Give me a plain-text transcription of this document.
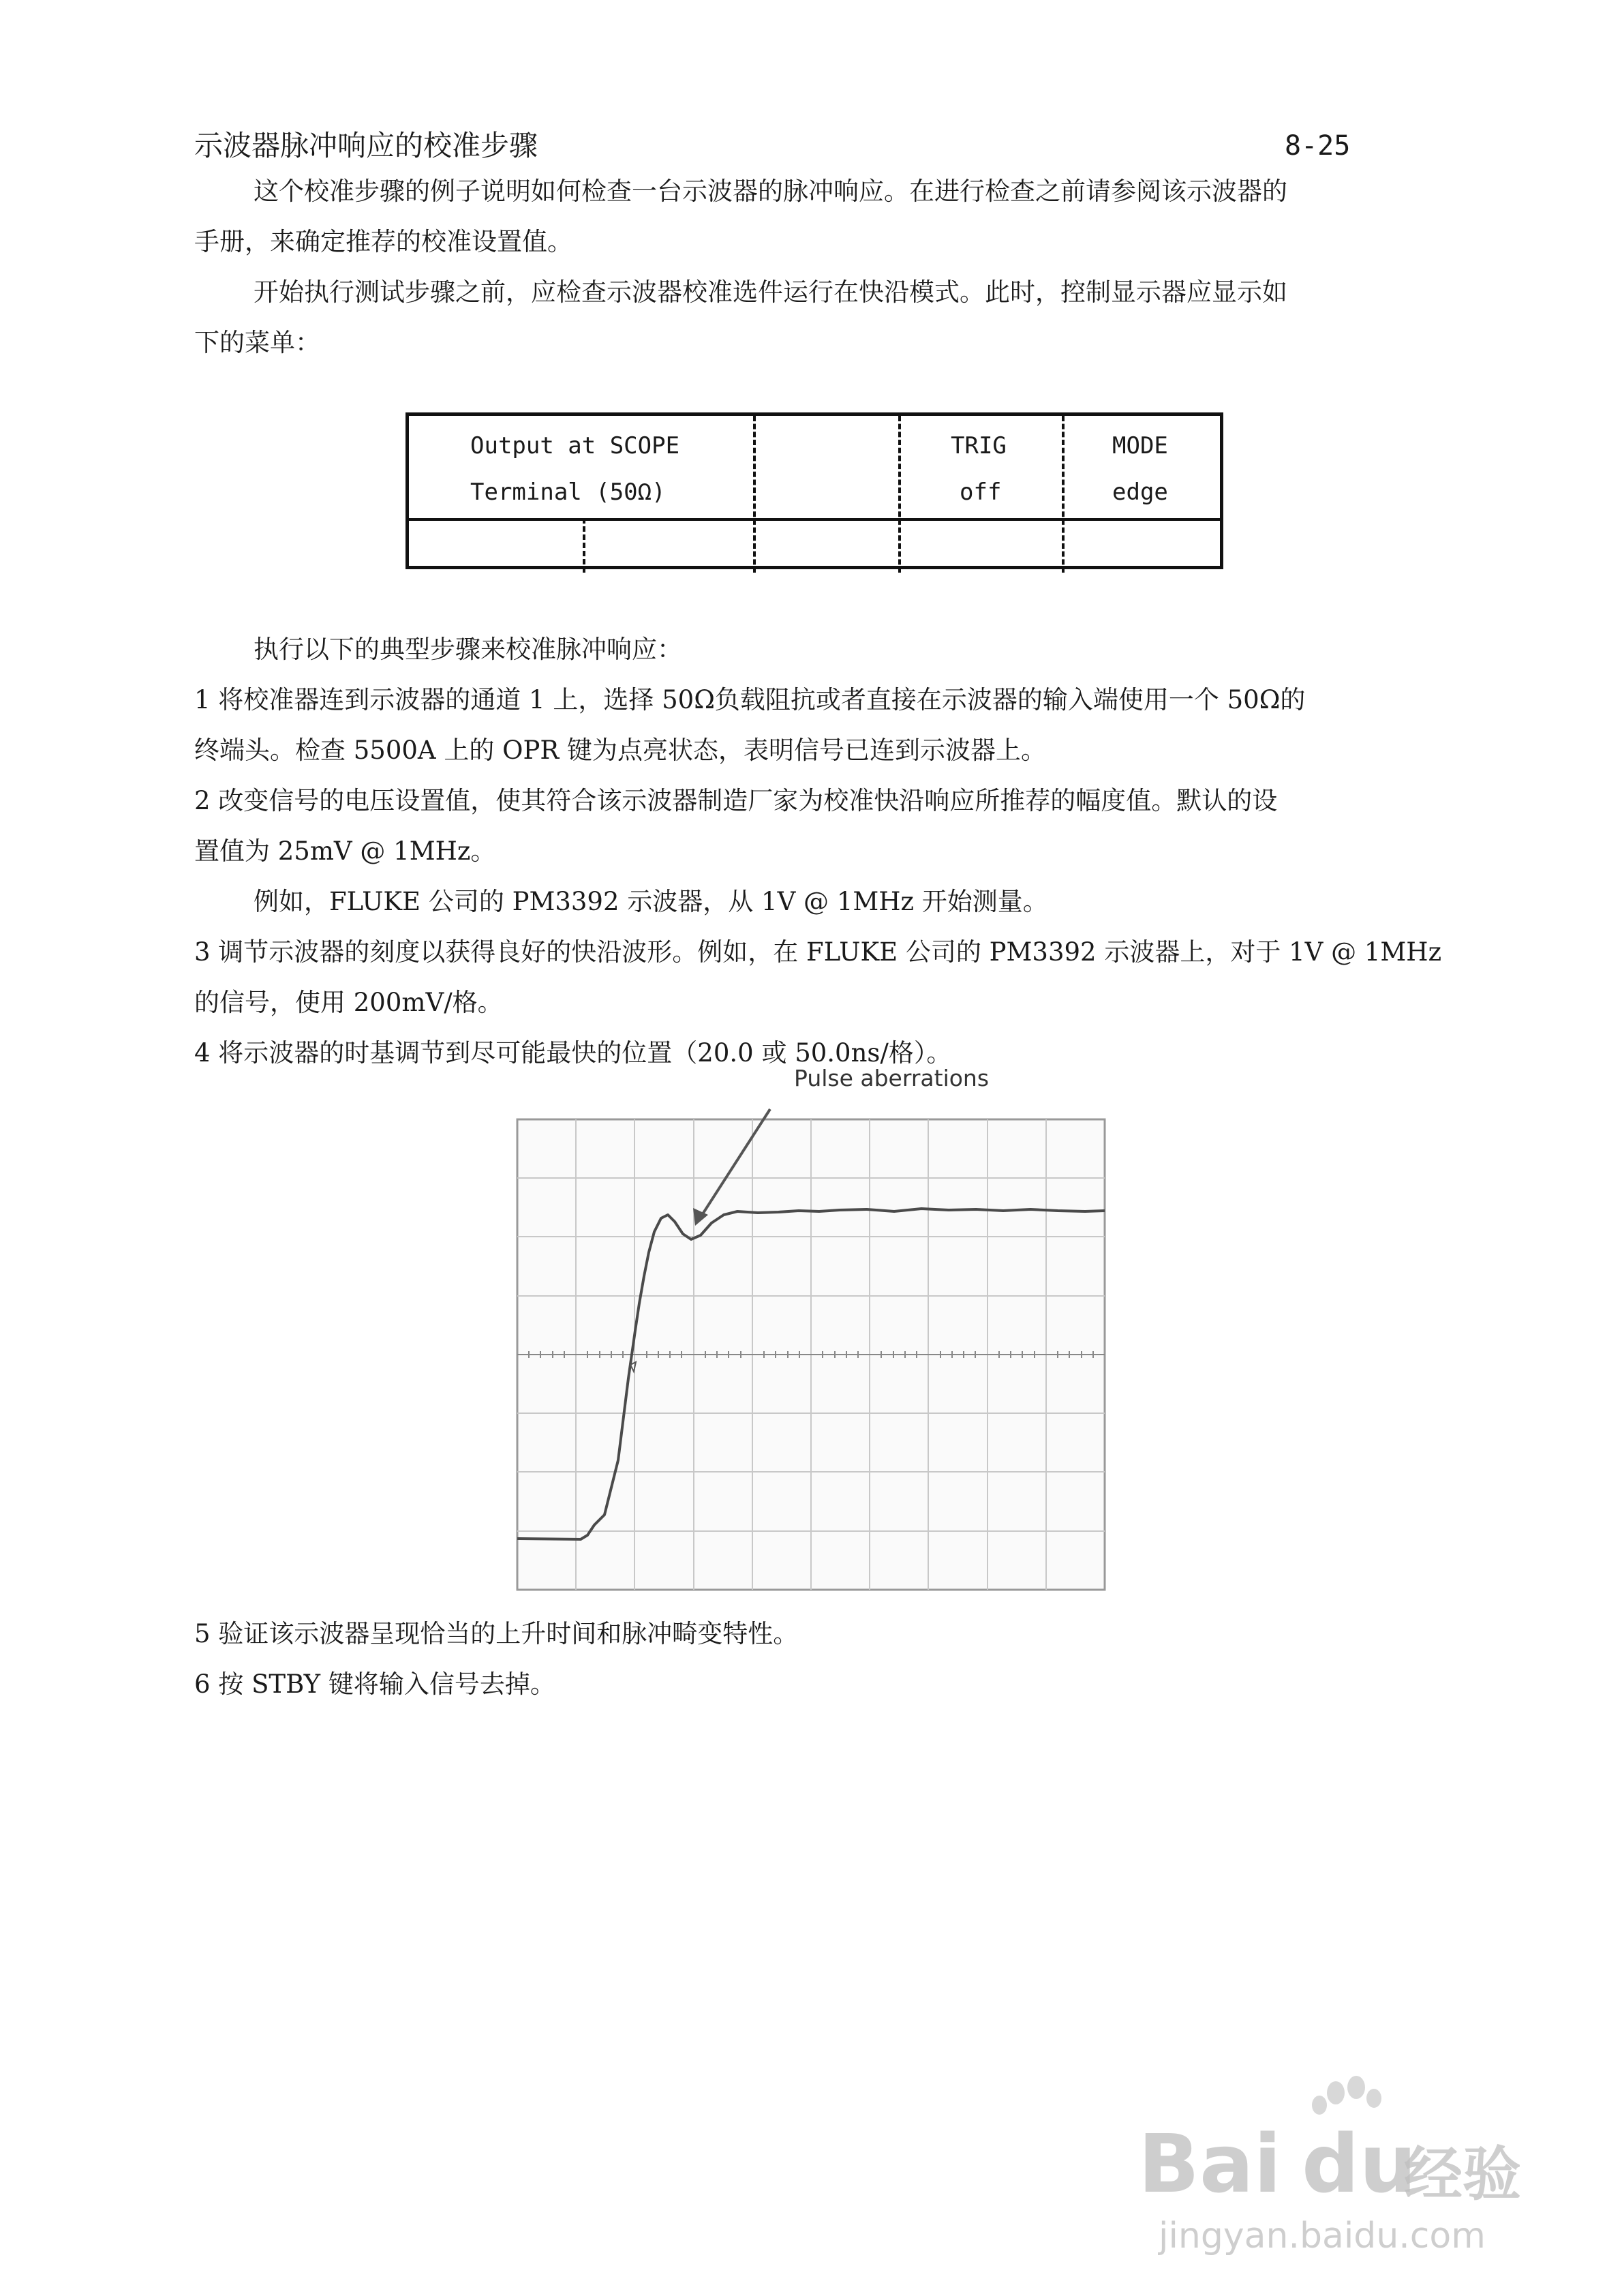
示波器脉冲响应的校准步骤	8-25
这个校准步骤的例子说明如何检查一台示波器的脉冲响应。在进行检查之前请参阅该示波器的
手册，来确定推荐的校准设置值。
开始执行测试步骤之前，应检查示波器校准选件运行在快沿模式。此时，控制显示器应显示如
下的菜单：
Output at SCOPE
Terminal (50Ω)
TRIG
off
MODE
edge
执行以下的典型步骤来校准脉冲响应：
1 将校准器连到示波器的通道 1 上，选择 50Ω负载阻抗或者直接在示波器的输入端使用一个 50Ω的
终端头。检查 5500A 上的 OPR 键为点亮状态，表明信号已连到示波器上。
2 改变信号的电压设置值，使其符合该示波器制造厂家为校准快沿响应所推荐的幅度值。默认的设
置值为 25mV @ 1MHz。
例如，FLUKE 公司的 PM3392 示波器，从 1V @ 1MHz 开始测量。
3 调节示波器的刻度以获得良好的快沿波形。例如，在 FLUKE 公司的 PM3392 示波器上，对于 1V @ 1MHz
的信号，使用 200mV/格。
4 将示波器的时基调节到尽可能最快的位置（20.0 或 50.0ns/格）。
Pulse aberrations
5 验证该示波器呈现恰当的上升时间和脉冲畸变特性。
6 按 STBY 键将输入信号去掉。
Bai du
经验
jingyan.baidu.com
